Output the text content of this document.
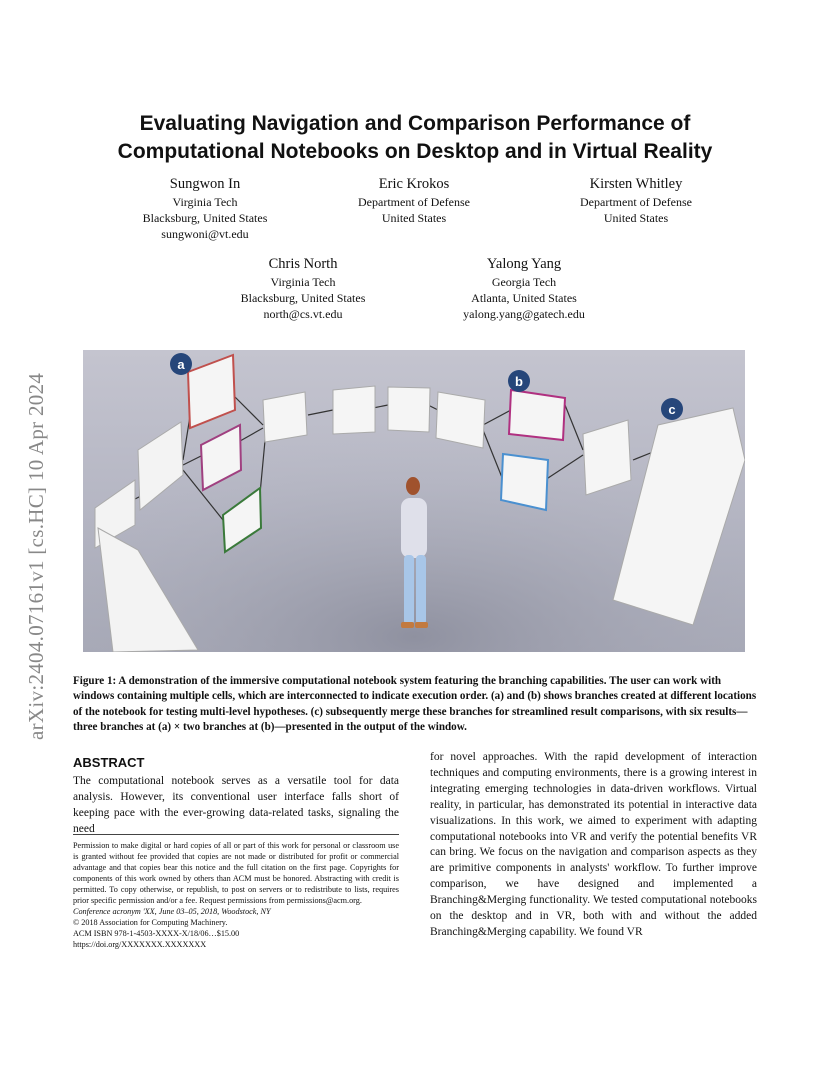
arXiv:2404.07161v1 [cs.HC] 10 Apr 2024
Evaluating Navigation and Comparison Performance of
Computational Notebooks on Desktop and in Virtual Reality
Sungwon In
Virginia Tech
Blacksburg, United States
sungwoni@vt.edu
Eric Krokos
Department of Defense
United States
Kirsten Whitley
Department of Defense
United States
Chris North
Virginia Tech
Blacksburg, United States
north@cs.vt.edu
Yalong Yang
Georgia Tech
Atlanta, United States
yalong.yang@gatech.edu
a
b
c
Figure 1: A demonstration of the immersive computational notebook system featuring the branching capabilities. The user can work with windows containing multiple cells, which are interconnected to indicate execution order. (a) and (b) shows branches created at different locations of the notebook for testing multi-level hypotheses. (c) subsequently merge these branches for streamlined result comparisons, with six results—three branches at (a) × two branches at (b)—presented in the output of the window.
ABSTRACT
The computational notebook serves as a versatile tool for data analysis. However, its conventional user interface falls short of keeping pace with the ever-growing data-related tasks, signaling the need
for novel approaches. With the rapid development of interaction techniques and computing environments, there is a growing interest in integrating emerging technologies in data-driven workflows. Virtual reality, in particular, has demonstrated its potential in interactive data visualizations. In this work, we aimed to experiment with adapting computational notebooks into VR and verify the potential benefits VR can bring. We focus on the navigation and comparison aspects as they are primitive components in analysts' workflow. To further improve comparison, we have designed and implemented a Branching&Merging functionality. We tested computational notebooks on the desktop and in VR, both with and without the added Branching&Merging capability. We found VR
Permission to make digital or hard copies of all or part of this work for personal or classroom use is granted without fee provided that copies are not made or distributed for profit or commercial advantage and that copies bear this notice and the full citation on the first page. Copyrights for components of this work owned by others than ACM must be honored. Abstracting with credit is permitted. To copy otherwise, or republish, to post on servers or to redistribute to lists, requires prior specific permission and/or a fee. Request permissions from permissions@acm.org.
Conference acronym 'XX, June 03–05, 2018, Woodstock, NY
© 2018 Association for Computing Machinery.
ACM ISBN 978-1-4503-XXXX-X/18/06…$15.00
https://doi.org/XXXXXXX.XXXXXXX
